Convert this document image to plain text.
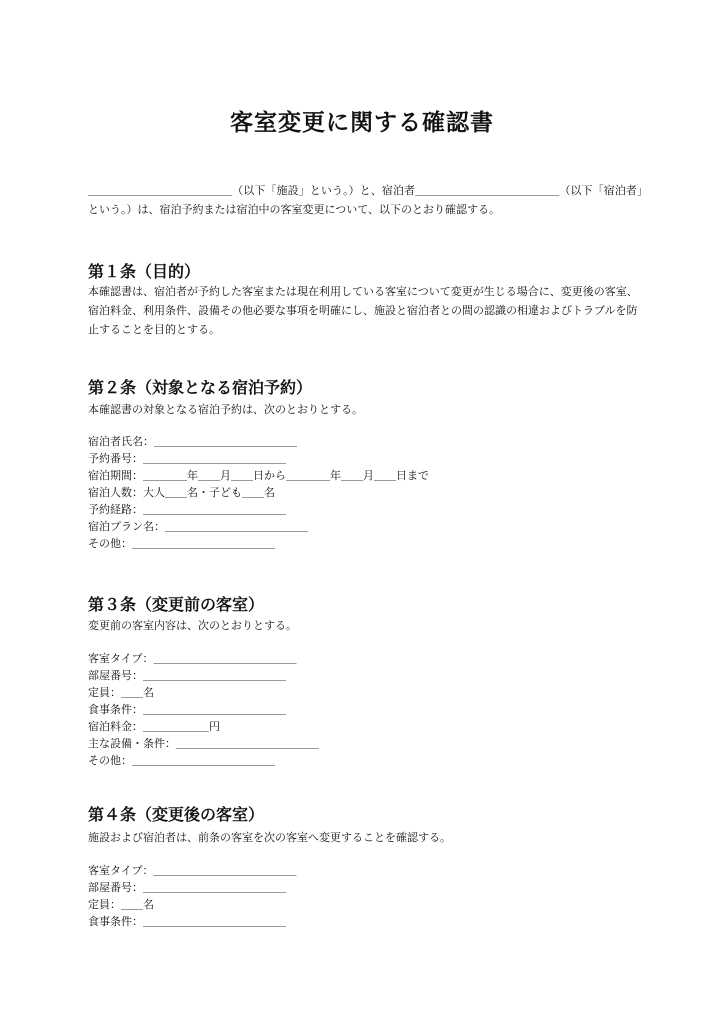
客室変更に関する確認書

＿＿＿＿＿＿＿＿＿＿＿＿＿（以下「施設」という。）と、宿泊者＿＿＿＿＿＿＿＿＿＿＿＿＿（以下「宿泊者」という。）は、宿泊予約または宿泊中の客室変更について、以下のとおり確認する。

第１条（目的）

本確認書は、宿泊者が予約した客室または現在利用している客室について変更が生じる場合に、変更後の客室、宿泊料金、利用条件、設備その他必要な事項を明確にし、施設と宿泊者との間の認識の相違およびトラブルを防止することを目的とする。

第２条（対象となる宿泊予約）

本確認書の対象となる宿泊予約は、次のとおりとする。

宿泊者氏名：＿＿＿＿＿＿＿＿＿＿＿＿＿
予約番号：＿＿＿＿＿＿＿＿＿＿＿＿＿
宿泊期間：＿＿＿＿年＿＿月＿＿日から＿＿＿＿年＿＿月＿＿日まで
宿泊人数：大人＿＿名・子ども＿＿名
予約経路：＿＿＿＿＿＿＿＿＿＿＿＿＿
宿泊プラン名：＿＿＿＿＿＿＿＿＿＿＿＿＿
その他：＿＿＿＿＿＿＿＿＿＿＿＿＿
第３条（変更前の客室）

変更前の客室内容は、次のとおりとする。

客室タイプ：＿＿＿＿＿＿＿＿＿＿＿＿＿
部屋番号：＿＿＿＿＿＿＿＿＿＿＿＿＿
定員：＿＿名
食事条件：＿＿＿＿＿＿＿＿＿＿＿＿＿
宿泊料金：＿＿＿＿＿＿円
主な設備・条件：＿＿＿＿＿＿＿＿＿＿＿＿＿
その他：＿＿＿＿＿＿＿＿＿＿＿＿＿
第４条（変更後の客室）

施設および宿泊者は、前条の客室を次の客室へ変更することを確認する。

客室タイプ：＿＿＿＿＿＿＿＿＿＿＿＿＿
部屋番号：＿＿＿＿＿＿＿＿＿＿＿＿＿
定員：＿＿名
食事条件：＿＿＿＿＿＿＿＿＿＿＿＿＿
